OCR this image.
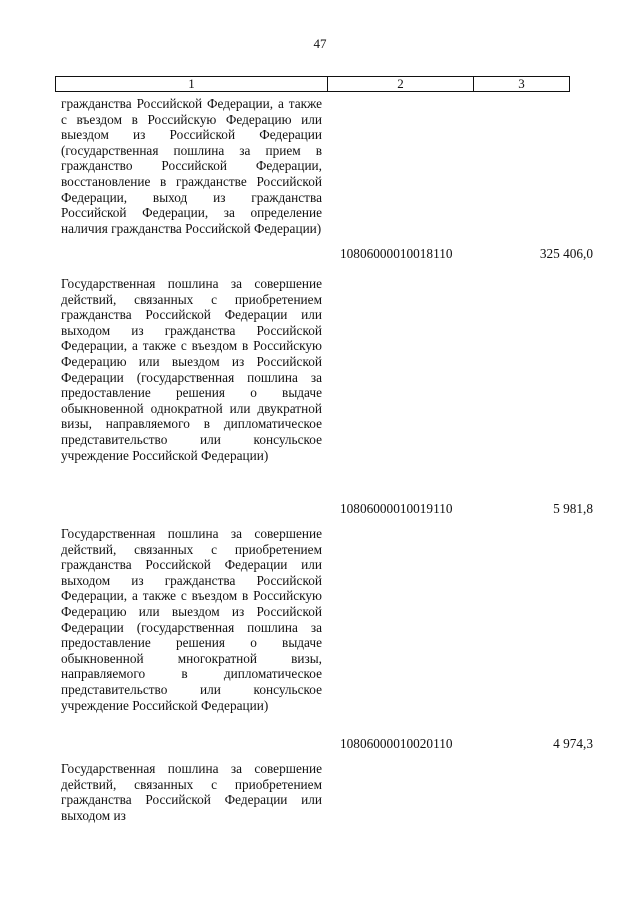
47
1	2	3
гражданства Российской Федерации, а также с въездом в Российскую Федерацию или выездом из Российской Федерации (государственная пошлина за прием в гражданство Российской Федерации, восстановление в гражданстве Российской Федерации, выход из гражданства Российской Федерации, за определение наличия гражданства Российской Федерации)
10806000010018110	325 406,0
Государственная пошлина за совершение действий, связанных с приобретением гражданства Российской Федерации или выходом из гражданства Российской Федерации, а также с въездом в Российскую Федерацию или выездом из Российской Федерации (государственная пошлина за предоставление решения о выдаче обыкновенной однократной или двукратной визы, направляемого в дипломатическое представительство или консульское учреждение Российской Федерации)
10806000010019110	5 981,8
Государственная пошлина за совершение действий, связанных с приобретением гражданства Российской Федерации или выходом из гражданства Российской Федерации, а также с въездом в Российскую Федерацию или выездом из Российской Федерации (государственная пошлина за предоставление решения о выдаче обыкновенной многократной визы, направляемого в дипломатическое представительство или консульское учреждение Российской Федерации)
10806000010020110	4 974,3
Государственная пошлина за совершение действий, связанных с приобретением гражданства Российской Федерации или выходом из
